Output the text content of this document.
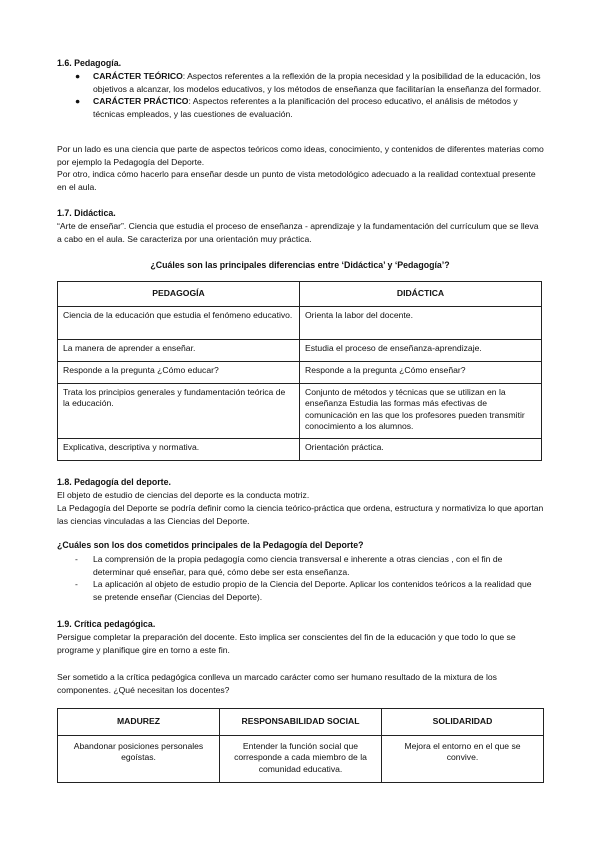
1.6. Pedagogía.
● CARÁCTER TEÓRICO: Aspectos referentes a la reflexión de la propia necesidad y la posibilidad de la educación, los objetivos a alcanzar, los modelos educativos, y los métodos de enseñanza que facilitarían la enseñanza del formador.
● CARÁCTER PRÁCTICO: Aspectos referentes a la planificación del proceso educativo, el análisis de métodos y técnicas empleados, y las cuestiones de evaluación.
Por un lado es una ciencia que parte de aspectos teóricos como ideas, conocimiento, y contenidos de diferentes materias como por ejemplo la Pedagogía del Deporte.
Por otro, indica cómo hacerlo para enseñar desde un punto de vista metodológico adecuado a la realidad contextual presente en el aula.
1.7. Didáctica.
“Arte de enseñar”. Ciencia que estudia el proceso de enseñanza - aprendizaje y la fundamentación del currículum que se lleva a cabo en el aula. Se caracteriza por una orientación muy práctica.
¿Cuáles son las principales diferencias entre ‘Didáctica’ y ‘Pedagogía’?
PEDAGOGÍA	DIDÁCTICA
Ciencia de la educación que estudia el fenómeno educativo.	Orienta la labor del docente.
La manera de aprender a enseñar.	Estudia el proceso de enseñanza-aprendizaje.
Responde a la pregunta ¿Cómo educar?	Responde a la pregunta ¿Cómo enseñar?
Trata los principios generales y fundamentación teórica de la educación.	Conjunto de métodos y técnicas que se utilizan en la enseñanza Estudia las formas más efectivas de comunicación en las que los profesores pueden transmitir conocimiento a los alumnos.
Explicativa, descriptiva y normativa.	Orientación práctica.
1.8. Pedagogía del deporte.
El objeto de estudio de ciencias del deporte es la conducta motriz.
La Pedagogía del Deporte se podría definir como la ciencia teórico-práctica que ordena, estructura y normativiza lo que aportan las ciencias vinculadas a las Ciencias del Deporte.
¿Cuáles son los dos cometidos principales de la Pedagogía del Deporte?
- La comprensión de la propia pedagogía como ciencia transversal e inherente a otras ciencias , con el fin de determinar qué enseñar, para qué, cómo debe ser esta enseñanza.
- La aplicación al objeto de estudio propio de la Ciencia del Deporte. Aplicar los contenidos teóricos a la realidad que se pretende enseñar (Ciencias del Deporte).
1.9. Crítica pedagógica.
Persigue completar la preparación del docente. Esto implica ser conscientes del fin de la educación y que todo lo que se programe y planifique gire en torno a este fin.
Ser sometido a la crítica pedagógica conlleva un marcado carácter como ser humano resultado de la mixtura de los componentes. ¿Qué necesitan los docentes?
MADUREZ	RESPONSABILIDAD SOCIAL	SOLIDARIDAD
Abandonar posiciones personales egoístas.	Entender la función social que corresponde a cada miembro de la comunidad educativa.	Mejora el entorno en el que se convive.
